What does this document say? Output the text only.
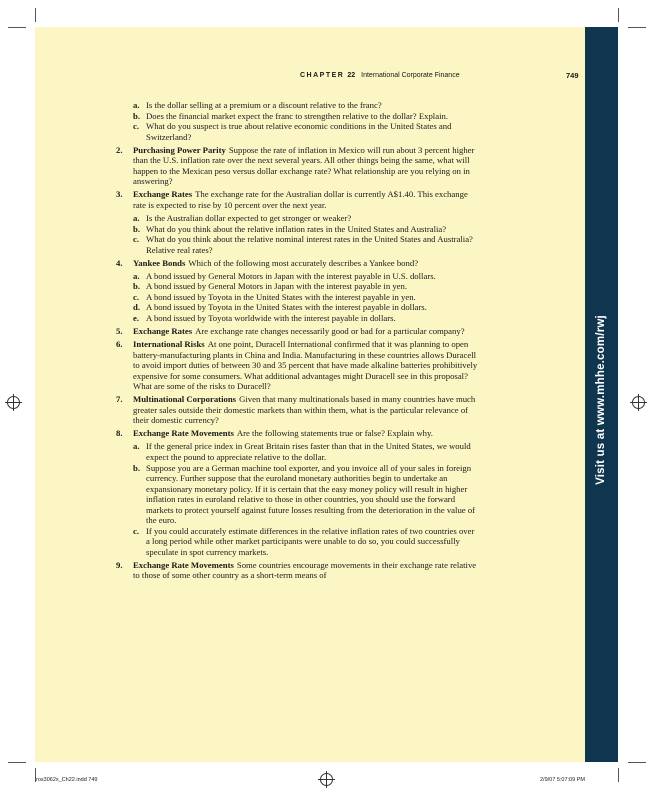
Visit us at www.mhhe.com/rwj
CHAPTER 22 International Corporate Finance	749
a. Is the dollar selling at a premium or a discount relative to the franc?
b. Does the financial market expect the franc to strengthen relative to the dollar? Explain.
c. What do you suspect is true about relative economic conditions in the United States and Switzerland?
2. Purchasing Power Parity Suppose the rate of inflation in Mexico will run about 3 percent higher than the U.S. inflation rate over the next several years. All other things being the same, what will happen to the Mexican peso versus dollar exchange rate? What relationship are you relying on in answering?
3. Exchange Rates The exchange rate for the Australian dollar is currently A$1.40. This exchange rate is expected to rise by 10 percent over the next year.
a. Is the Australian dollar expected to get stronger or weaker?
b. What do you think about the relative inflation rates in the United States and Australia?
c. What do you think about the relative nominal interest rates in the United States and Australia? Relative real rates?
4. Yankee Bonds Which of the following most accurately describes a Yankee bond?
a. A bond issued by General Motors in Japan with the interest payable in U.S. dollars.
b. A bond issued by General Motors in Japan with the interest payable in yen.
c. A bond issued by Toyota in the United States with the interest payable in yen.
d. A bond issued by Toyota in the United States with the interest payable in dollars.
e. A bond issued by Toyota worldwide with the interest payable in dollars.
5. Exchange Rates Are exchange rate changes necessarily good or bad for a particular company?
6. International Risks At one point, Duracell International confirmed that it was planning to open battery-manufacturing plants in China and India. Manufacturing in these countries allows Duracell to avoid import duties of between 30 and 35 percent that have made alkaline batteries prohibitively expensive for some consumers. What additional advantages might Duracell see in this proposal? What are some of the risks to Duracell?
7. Multinational Corporations Given that many multinationals based in many countries have much greater sales outside their domestic markets than within them, what is the particular relevance of their domestic currency?
8. Exchange Rate Movements Are the following statements true or false? Explain why.
a. If the general price index in Great Britain rises faster than that in the United States, we would expect the pound to appreciate relative to the dollar.
b. Suppose you are a German machine tool exporter, and you invoice all of your sales in foreign currency. Further suppose that the euroland monetary authorities begin to undertake an expansionary monetary policy. If it is certain that the easy money policy will result in higher inflation rates in euroland relative to those in other countries, you should use the forward markets to protect yourself against future losses resulting from the deterioration in the value of the euro.
c. If you could accurately estimate differences in the relative inflation rates of two countries over a long period while other market participants were unable to do so, you could successfully speculate in spot currency markets.
9. Exchange Rate Movements Some countries encourage movements in their exchange rate relative to those of some other country as a short-term means of
ros3062x_Ch22.indd 749	2/9/07 5:07:09 PM
